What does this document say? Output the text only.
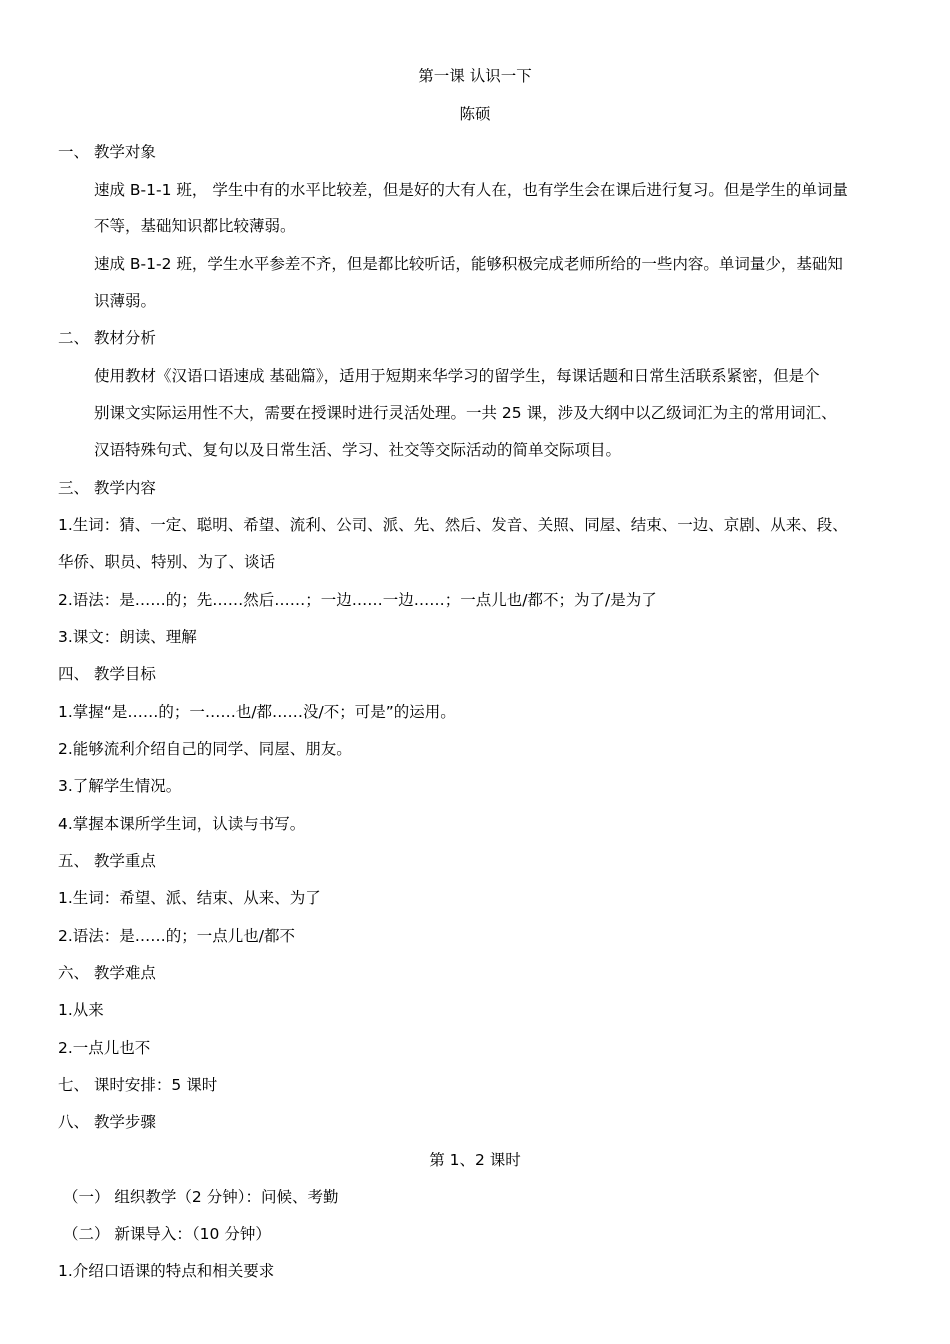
第一课 认识一下
陈硕
一、 教学对象
速成 B-1-1 班， 学生中有的水平比较差，但是好的大有人在，也有学生会在课后进行复习。但是学生的单词量
不等，基础知识都比较薄弱。
速成 B-1-2 班，学生水平参差不齐，但是都比较听话，能够积极完成老师所给的一些内容。单词量少，基础知
识薄弱。
二、 教材分析
使用教材《汉语口语速成 基础篇》，适用于短期来华学习的留学生，每课话题和日常生活联系紧密，但是个
别课文实际运用性不大，需要在授课时进行灵活处理。一共 25 课，涉及大纲中以乙级词汇为主的常用词汇、
汉语特殊句式、复句以及日常生活、学习、社交等交际活动的简单交际项目。
三、 教学内容
1.生词：猜、一定、聪明、希望、流利、公司、派、先、然后、发音、关照、同屋、结束、一边、京剧、从来、段、
华侨、职员、特别、为了、谈话
2.语法：是……的；先……然后……；一边……一边……；一点儿也/都不；为了/是为了
3.课文：朗读、理解
四、 教学目标
1.掌握“是……的；一……也/都……没/不；可是”的运用。
2.能够流利介绍自己的同学、同屋、朋友。
3.了解学生情况。
4.掌握本课所学生词，认读与书写。
五、 教学重点
1.生词：希望、派、结束、从来、为了
2.语法：是……的；一点儿也/都不
六、 教学难点
1.从来
2.一点儿也不
七、 课时安排：5 课时
八、 教学步骤
第 1、2 课时
（一） 组织教学（2 分钟）：问候、考勤
（二） 新课导入：（10 分钟）
1.介绍口语课的特点和相关要求
